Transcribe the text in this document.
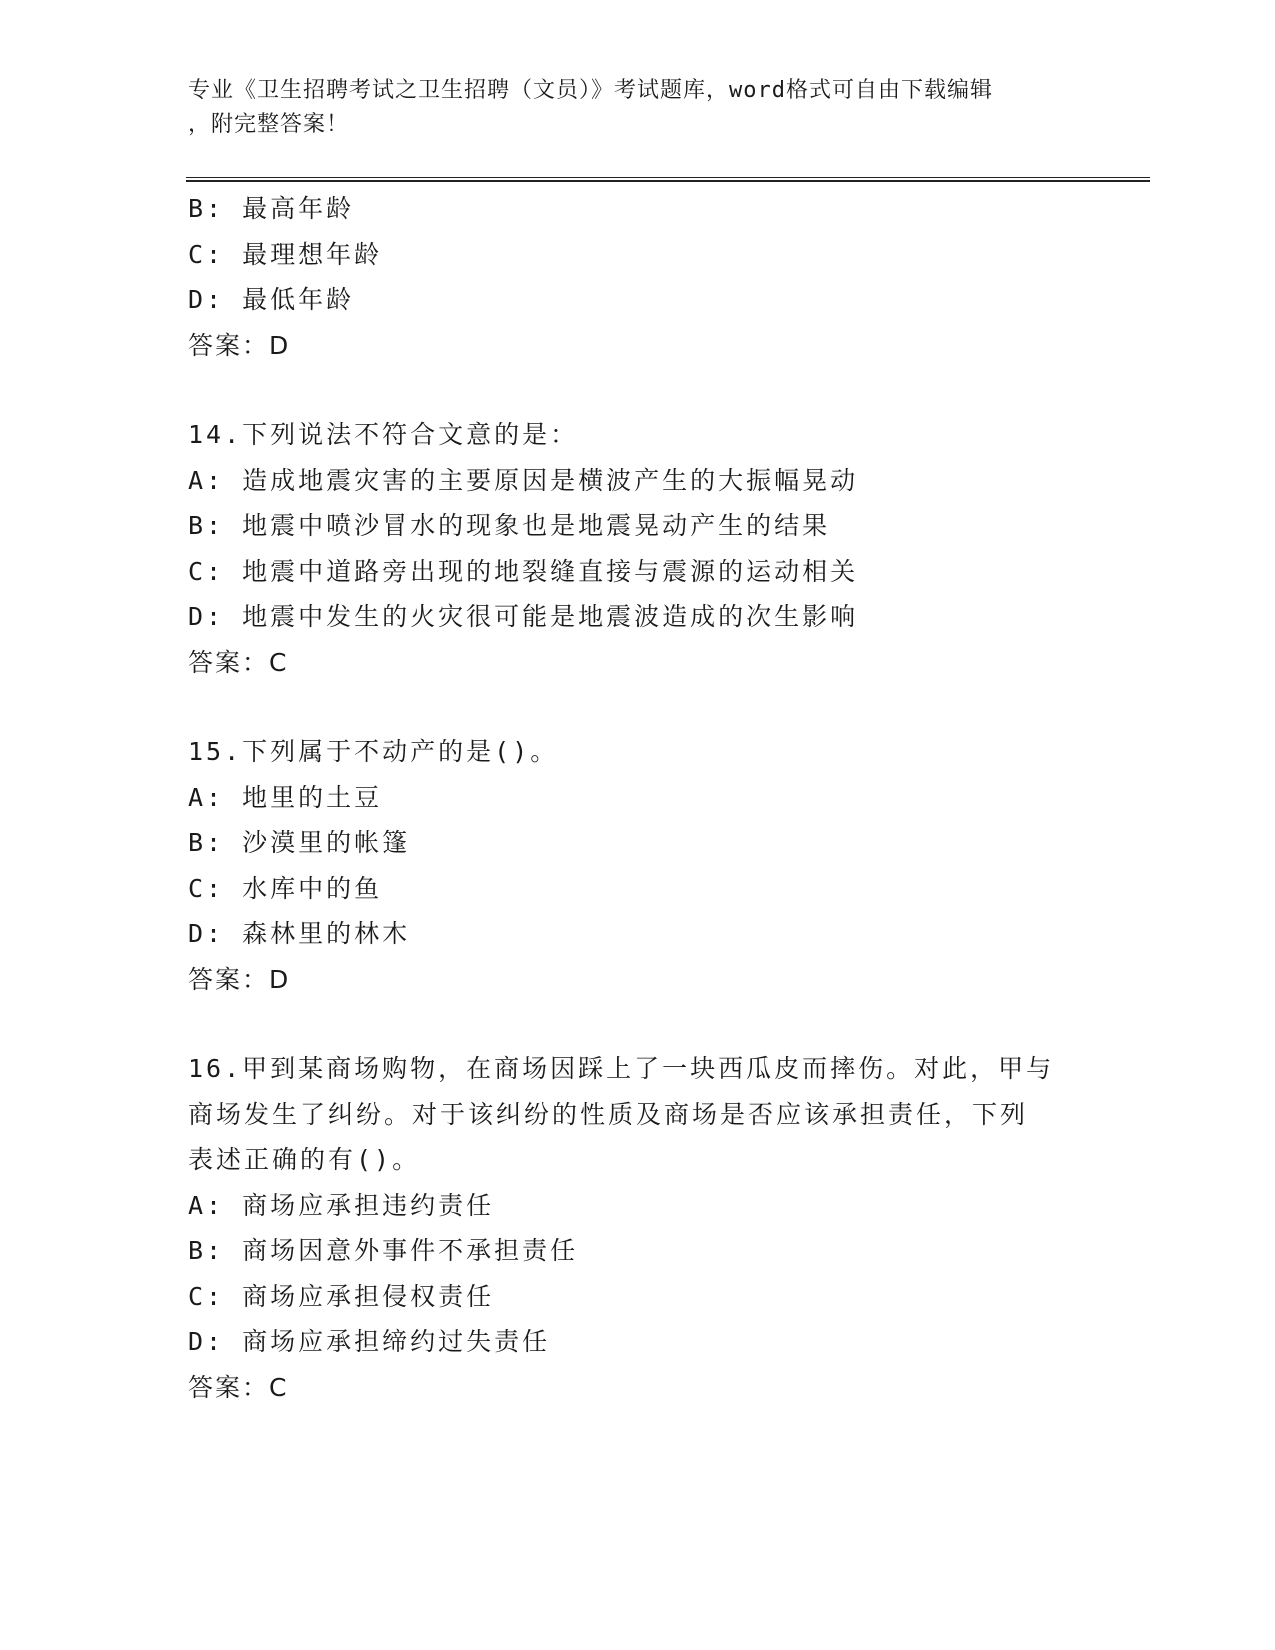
专业《卫生招聘考试之卫生招聘（文员）》考试题库，word格式可自由下载编辑
，附完整答案！
B: 最高年龄
C: 最理想年龄
D: 最低年龄
答案：D
14.下列说法不符合文意的是：
A: 造成地震灾害的主要原因是横波产生的大振幅晃动
B: 地震中喷沙冒水的现象也是地震晃动产生的结果
C: 地震中道路旁出现的地裂缝直接与震源的运动相关
D: 地震中发生的火灾很可能是地震波造成的次生影响
答案：C
15.下列属于不动产的是()。
A: 地里的土豆
B: 沙漠里的帐篷
C: 水库中的鱼
D: 森林里的林木
答案：D
16.甲到某商场购物，在商场因踩上了一块西瓜皮而摔伤。对此，甲与
商场发生了纠纷。对于该纠纷的性质及商场是否应该承担责任，下列
表述正确的有()。
A: 商场应承担违约责任
B: 商场因意外事件不承担责任
C: 商场应承担侵权责任
D: 商场应承担缔约过失责任
答案：C
